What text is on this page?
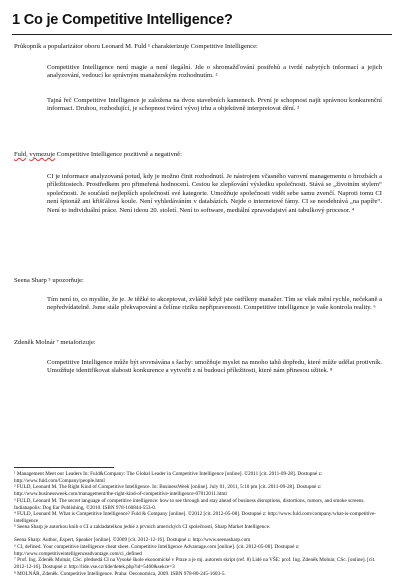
1 Co je Competitive Intelligence?
Průkopník a popularizátor oboru Leonard M. Fuld ¹ charakterizuje Competitive Intelligence:
Competitive Intelligence není magie a není ilegální. Jde o shromažďování postřehů a tvrdé nabytých informací a jejich analyzování, vedoucí ke správným manažerským rozhodnutím. ²
Tajná řeč Competitive Intelligence je založena na dvou stavebních kamenech. První je schopnost najít správnou konkurenční informaci. Druhou, rozhodující, je schopnost tvůrci vývoj trhu a objektivně interpretovat dění. ³
Fuld, vymezuje Competitive Intelligence pozitivně a negativně:
CI je informace analyzovaná potud, kdy je možno činit rozhodnutí. Je nástrojem včasného varovní managementu o hrozbách a příležitostech. Prostředkem pro přimeřená hodnocení. Cestou ke zlepšování výsledku společnosti. Stává se „životním stylem“ společnosti. Je součástí nejlepších společností své kategorie. Umožňuje společnosti vidět sebe samu zvenčí. Naproti tomu CI není špionáž ani křišťálová koule. Není vyhledáváním v databázích. Nejde o internetové fámy. CI se neodehrává „na papíře“. Není to individuální práce. Není ideou 20. století. Není to software, mediální zpravodajství ani tabulkový procesor. ⁴
Seena Sharp ⁵ upozorňuje:
Tím není to, co myslíte, že je. Je těžké to akceptovat, zvláště když jste ostříleny manažer. Tím se však mění rychle, nečekaně a nepředvídatelně. Jsme stále překvapováni a čelíme riziku nepřipravenosti. Competitive intelligence je vaše kontrola reality. ⁶
Zdeněk Molnár ⁷ metaforizuje:
Competitive Intelligence může být srovnávána s šachy: umožňuje myslet na mnoho tahů dopředu, které může udělat protivník. Umožňuje identifikovat slabosti konkurence a vytvořit z ní budoucí příležitosti, které nám přinesou užitek. ⁸
¹ Management Meet our Leaders In: Fuld&Company: The Global Leader in Competitive Intelligence [online]. ©2011 [cit. 2011-09-28]. Dostupné z: http://www.fuld.com/Company/people.html
² FULD, Leonard M. The Right Kind of Competitive Intelligence. In: BusinessWeek [online]. July 01, 2011, 5:10 pm [cit. 2011-09-28]. Dostupné z: http://www.businessweek.com/management/the-right-kind-of-competitive-intelligence-07012011.html
³ FULD, Leonard M. The secret language of competitive intelligence: how to see through and stay ahead of business disruptions, distortions, rumors, and smoke screens. Indianapolis: Dog Ear Publishing, ©2010. ISBN 978-160844-553-0.
⁴ FULD, Leonard M. What is Competitive Intelligence? Fuld & Company [online]. ©2012 [cit. 2012-05-08]. Dostupné z: http://www.fuld.com/company/what-is-competitive-intelligence
⁵ Seena Sharp je autorkou knih o CI a zakladatelkou jedné z prvních amerických CI společností, Sharp Market Intelligence.
Seena Sharp: Author, Expert, Speaker [online]. ©2009 [cit. 2012-12-16]. Dostupné z: http://www.seenasharp.com
⁶ CI, defined. Your competitive intelligence cheat sheet. Competitive Intelligence Advantage.com [online]. [cit. 2012-05-08]. Dostupné z: http://www.competitiveintelligenceadvantage.com/ci_defined
⁷ Prof. Ing. Zdeněk Molnár, CSc. předsedá CI na Vysoké škole ekonomické v Praze a je mj. autorem skript (ref. 8) Lidé na VŠE: prof. Ing. Zdeněk Molnár, CSc. [online]. [cit. 2012-12-16]. Dostupné z: http://lide.vse.cz/lide/detek.php?id=5460&sekce=3
⁸ MOLNÁR, Zdeněk. Competitive Intelligence. Praha: Oeconomica, 2009. ISBN 978-80-245-1603-5.
